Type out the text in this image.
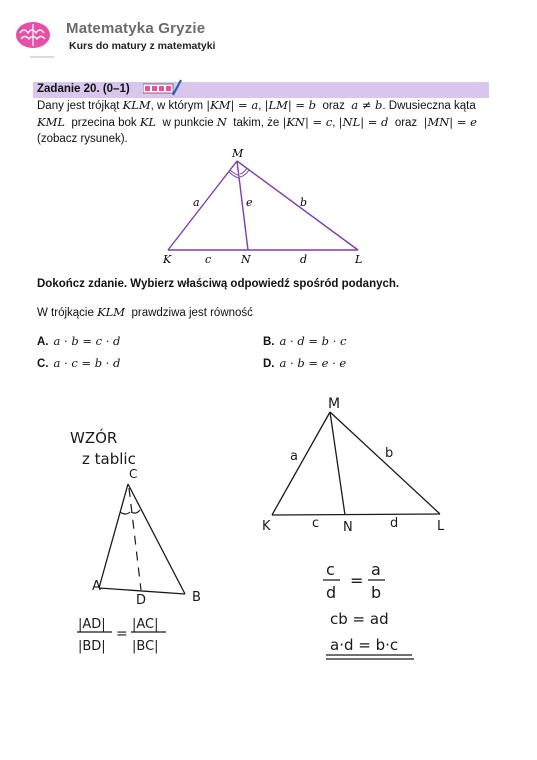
Matematyka Gryzie
Kurs do matury z matematyki
Zadanie 20. (0–1)
Dany jest trójkąt KLM, w którym |KM| = a, |LM| = b oraz a ≠ b. Dwusieczna kąta
KML przecina bok KL w punkcie N takim, że |KN| = c, |NL| = d oraz |MN| = e
(zobacz rysunek).
M
K	N	L
a	b
e
c	d
Dokończ zdanie. Wybierz właściwą odpowiedź spośród podanych.
W trójkącie KLM  prawdziwa jest równość
A. a · b = c · d	B. a · d = b · c
C. a · c = b · d	D. a · b = e · e
WZÓR
z tablic
C
A
B
D
|AD|
|BD|
=
|AC|
|BC|
M
K	N	L
a	b
c	d
c
d
=
a
b
cb = ad
a·d = b·c
